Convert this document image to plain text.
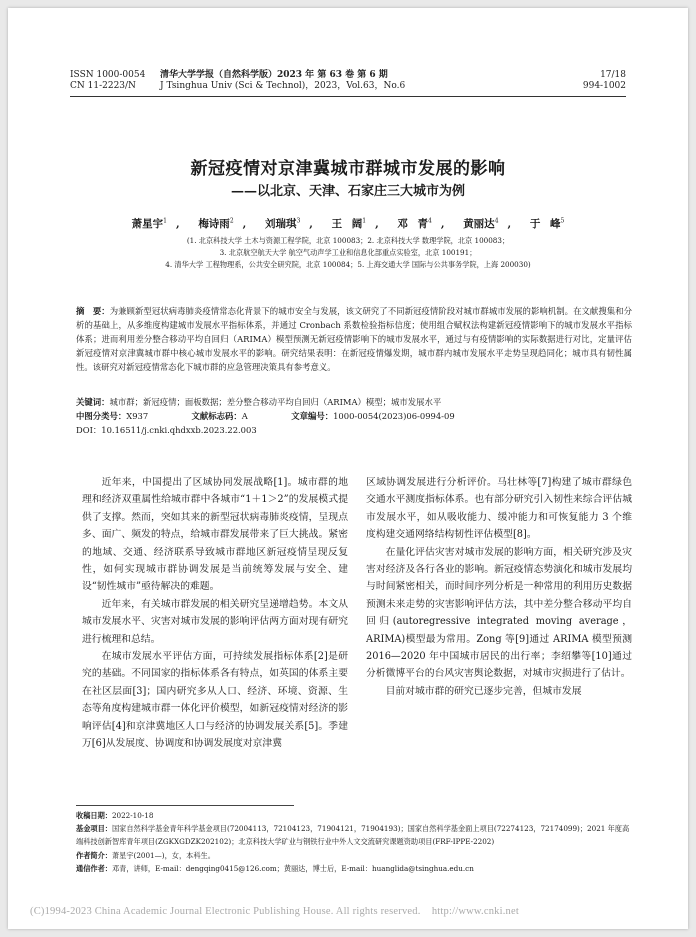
ISSN 1000-0054
CN 11-2223/N
清华大学学报（自然科学版）2023 年 第 63 卷 第 6 期
J Tsinghua Univ (Sci & Technol)，2023，Vol.63，No.6
17/18
994-1002
新冠疫情对京津冀城市群城市发展的影响
——以北京、天津、石家庄三大城市为例
萧星宇$^1$ , 梅诗雨$^2$ , 刘瑞琪$^3$ , 王 阔$^1$ , 邓 青$^4$ , 黄丽达$^4$ , 于 峰$^5$
(1. 北京科技大学 土木与资源工程学院，北京 100083；2. 北京科技大学 数理学院，北京 100083；
3. 北京航空航天大学 航空气动声学工业和信息化部重点实验室，北京 100191；
4. 清华大学 工程物理系，公共安全研究院，北京 100084；5. 上海交通大学 国际与公共事务学院，上海 200030)
摘　要：为兼顾新型冠状病毒肺炎疫情常态化背景下的城市安全与发展，该文研究了不同新冠疫情阶段对城市群城市发展的影响机制。在文献搜集和分析的基础上，从多维度构建城市发展水平指标体系，并通过 Cronbach 系数检验指标信度；使用组合赋权法构建新冠疫情影响下的城市发展水平指标体系；进而利用差分整合移动平均自回归（ARIMA）模型预测无新冠疫情影响下的城市发展水平，通过与有疫情影响的实际数据进行对比，定量评估新冠疫情对京津冀城市群中核心城市发展水平的影响。研究结果表明：在新冠疫情爆发期，城市群内城市发展水平走势呈现趋同化；城市具有韧性属性。该研究对新冠疫情常态化下城市群的应急管理决策具有参考意义。
关键词：城市群；新冠疫情；面板数据；差分整合移动平均自回归（ARIMA）模型；城市发展水平
中图分类号：X937	文献标志码：A	文章编号：1000-0054(2023)06-0994-09
DOI：10.16511/j.cnki.qhdxxb.2023.22.003

近年来，中国提出了区域协同发展战略[1]。城市群的地理和经济双重属性给城市群中各城市“1＋1＞2”的发展模式提供了支撑。然而，突如其来的新型冠状病毒肺炎疫情，呈现点多、面广、频发的特点，给城市群发展带来了巨大挑战。紧密的地域、交通、经济联系导致城市群地区新冠疫情呈现反复性，如何实现城市群协调发展是当前统筹发展与安全、建设“韧性城市”亟待解决的难题。

近年来，有关城市群发展的相关研究呈递增趋势。本文从城市发展水平、灾害对城市发展的影响评估两方面对现有研究进行梳理和总结。

在城市发展水平评估方面，可持续发展指标体系[2]是研究的基础。不同国家的指标体系各有特点，如英国的体系主要在社区层面[3]；国内研究多从人口、经济、环境、资源、生态等角度构建城市群一体化评价模型，如新冠疫情对经济的影响评估[4]和京津冀地区人口与经济的协调发展关系[5]。季建万[6]从发展度、协调度和协调发展度对京津冀

区域协调发展进行分析评价。马壮林等[7]构建了城市群绿色交通水平测度指标体系。也有部分研究引入韧性来综合评估城市发展水平，如从吸收能力、缓冲能力和可恢复能力 3 个维度构建交通网络结构韧性评估模型[8]。

在量化评估灾害对城市发展的影响方面，相关研究涉及灾害对经济及各行各业的影响。新冠疫情态势演化和城市发展均与时间紧密相关，而时间序列分析是一种常用的利用历史数据预测未来走势的灾害影响评估方法，其中差分整合移动平均自回归(autoregressive integrated moving average，ARIMA)模型最为常用。Zong 等[9]通过 ARIMA 模型预测 2016—2020 年中国城市居民的出行率；李绍攀等[10]通过分析微博平台的台风灾害舆论数据，对城市灾损进行了估计。

目前对城市群的研究已逐步完善，但城市发展

收稿日期：2022-10-18
基金项目：国家自然科学基金青年科学基金项目(72004113，72104123，71904121，71904193)；国家自然科学基金面上项目(72274123，72174099)；2021 年度高端科技创新智库青年项目(ZGKXGDZK202102)；北京科技大学矿业与钢铁行业中外人文交流研究课题资助项目(FRF-IPPE-2202)
作者简介：萧星宇(2001—)，女，本科生。
通信作者：邓青，讲师，E-mail：dengqing0415@126.com；黄丽达，博士后，E-mail：huanglida@tsinghua.edu.cn
(C)1994-2023 China Academic Journal Electronic Publishing House. All rights reserved.    http://www.cnki.net
